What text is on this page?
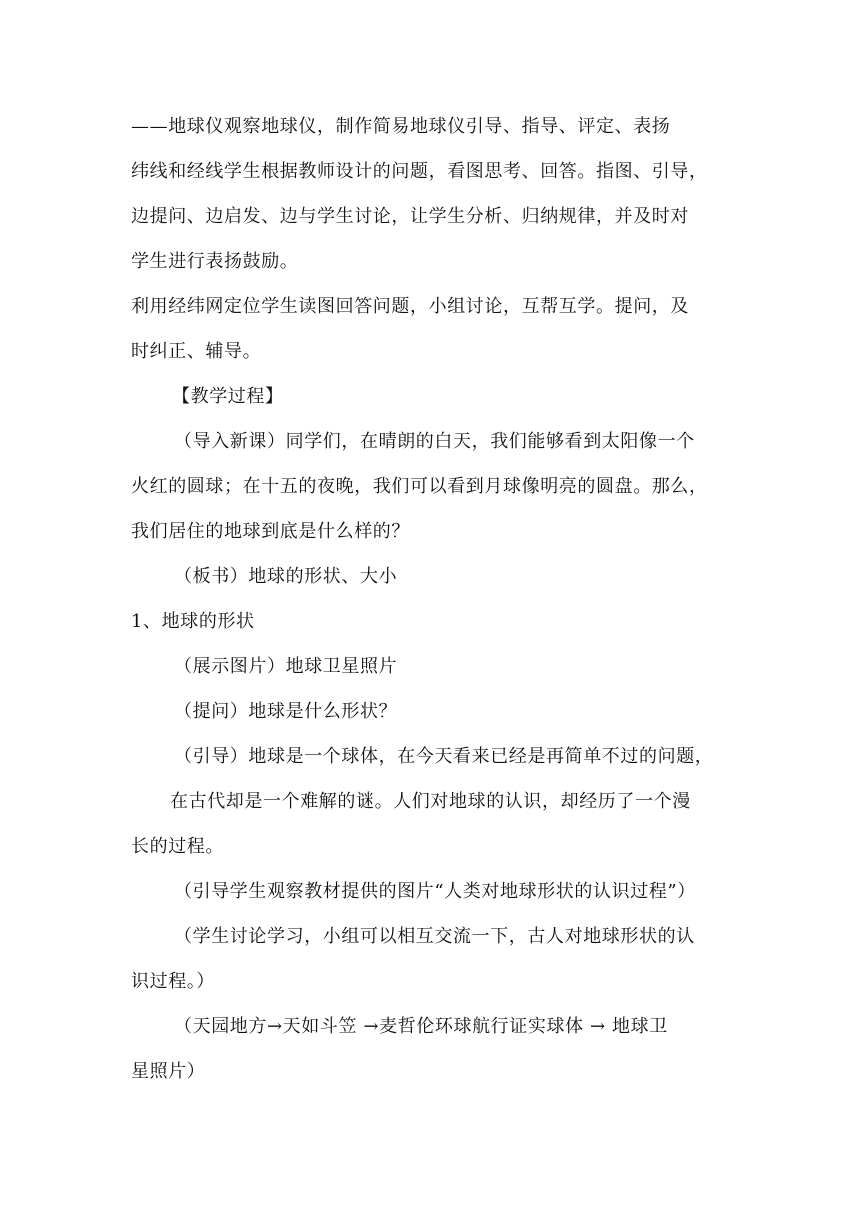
——地球仪观察地球仪，制作简易地球仪引导、指导、评定、表扬
纬线和经线学生根据教师设计的问题，看图思考、回答。指图、引导，
边提问、边启发、边与学生讨论，让学生分析、归纳规律，并及时对
学生进行表扬鼓励。
利用经纬网定位学生读图回答问题，小组讨论，互帮互学。提问，及
时纠正、辅导。
【教学过程】
（导入新课）同学们，在晴朗的白天，我们能够看到太阳像一个
火红的圆球；在十五的夜晚，我们可以看到月球像明亮的圆盘。那么，
我们居住的地球到底是什么样的？
（板书）地球的形状、大小
1、地球的形状
（展示图片）地球卫星照片
（提问）地球是什么形状？
（引导）地球是一个球体，在今天看来已经是再简单不过的问题，
在古代却是一个难解的谜。人们对地球的认识，却经历了一个漫
长的过程。
（引导学生观察教材提供的图片“人类对地球形状的认识过程”）
（学生讨论学习，小组可以相互交流一下，古人对地球形状的认
识过程。）
（天园地方→天如斗笠 →麦哲伦环球航行证实球体 → 地球卫
星照片）
